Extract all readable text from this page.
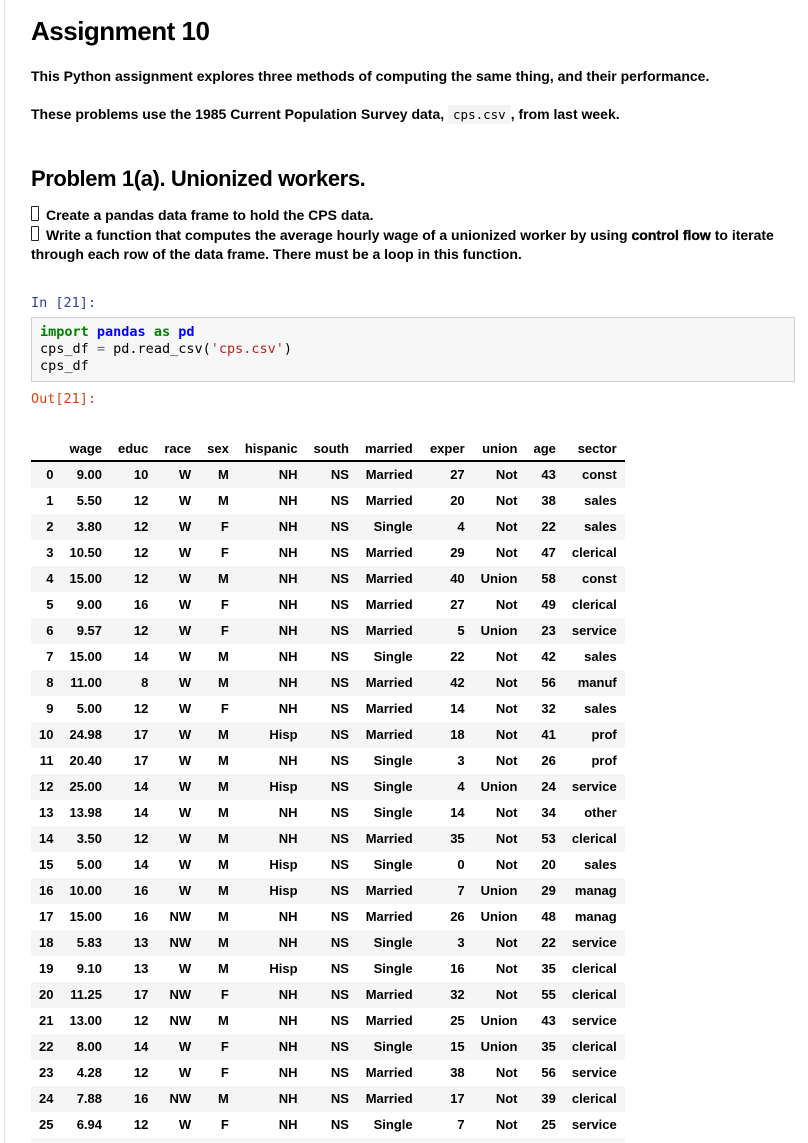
Assignment 10

This Python assignment explores three methods of computing the same thing, and their performance.

These problems use the 1985 Current Population Survey data, cps.csv , from last week.

Problem 1(a). Unionized workers.

Create a pandas data frame to hold the CPS data.
Write a function that computes the average hourly wage of a unionized worker by using control flow to iterate through each row of the data frame. There must be a loop in this function.

In [21]:
import pandas as pd
cps_df = pd.read_csv('cps.csv')
cps_df
Out[21]:
	wage	educ	race	sex	hispanic	south	married	exper	union	age	sector
0	9.00	10	W	M	NH	NS	Married	27	Not	43	const
1	5.50	12	W	M	NH	NS	Married	20	Not	38	sales
2	3.80	12	W	F	NH	NS	Single	4	Not	22	sales
3	10.50	12	W	F	NH	NS	Married	29	Not	47	clerical
4	15.00	12	W	M	NH	NS	Married	40	Union	58	const
5	9.00	16	W	F	NH	NS	Married	27	Not	49	clerical
6	9.57	12	W	F	NH	NS	Married	5	Union	23	service
7	15.00	14	W	M	NH	NS	Single	22	Not	42	sales
8	11.00	8	W	M	NH	NS	Married	42	Not	56	manuf
9	5.00	12	W	F	NH	NS	Married	14	Not	32	sales
10	24.98	17	W	M	Hisp	NS	Married	18	Not	41	prof
11	20.40	17	W	M	NH	NS	Single	3	Not	26	prof
12	25.00	14	W	M	Hisp	NS	Single	4	Union	24	service
13	13.98	14	W	M	NH	NS	Single	14	Not	34	other
14	3.50	12	W	M	NH	NS	Married	35	Not	53	clerical
15	5.00	14	W	M	Hisp	NS	Single	0	Not	20	sales
16	10.00	16	W	M	Hisp	NS	Married	7	Union	29	manag
17	15.00	16	NW	M	NH	NS	Married	26	Union	48	manag
18	5.83	13	NW	M	NH	NS	Single	3	Not	22	service
19	9.10	13	W	M	Hisp	NS	Single	16	Not	35	clerical
20	11.25	17	NW	F	NH	NS	Married	32	Not	55	clerical
21	13.00	12	NW	M	NH	NS	Married	25	Union	43	service
22	8.00	14	W	F	NH	NS	Single	15	Union	35	clerical
23	4.28	12	W	F	NH	NS	Married	38	Not	56	service
24	7.88	16	NW	M	NH	NS	Married	17	Not	39	clerical
25	6.94	12	W	F	NH	NS	Single	7	Not	25	service
